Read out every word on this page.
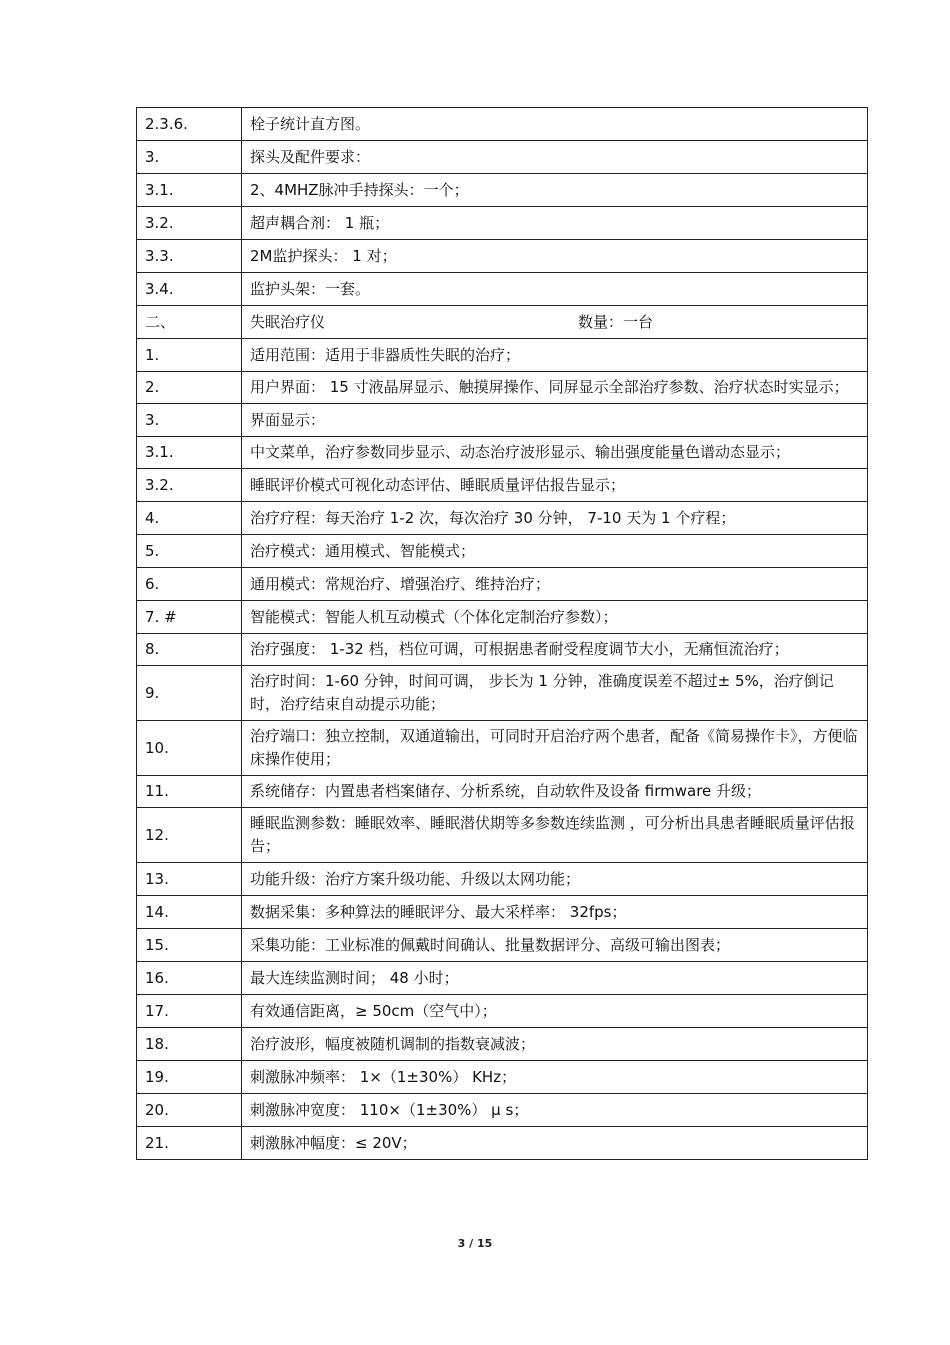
2.3.6.	栓子统计直方图。
3.	探头及配件要求：
3.1.	2、4MHZ脉冲手持探头：一个；
3.2.	超声耦合剂： 1 瓶；
3.3.	2M监护探头： 1 对；
3.4.	监护头架：一套。
二、	失眠治疗仪 数量：一台

1.	适用范围：适用于非器质性失眠的治疗；
2.	用户界面： 15 寸液晶屏显示、触摸屏操作、同屏显示全部治疗参数、治疗状态时实显示；
3.	界面显示：
3.1.	中文菜单，治疗参数同步显示、动态治疗波形显示、输出强度能量色谱动态显示；
3.2.	睡眠评价模式可视化动态评估、睡眠质量评估报告显示；
4.	治疗疗程：每天治疗 1-2 次，每次治疗 30 分钟， 7-10 天为 1 个疗程；
5.	治疗模式：通用模式、智能模式；
6.	通用模式：常规治疗、增强治疗、维持治疗；
7. #	智能模式：智能人机互动模式（个体化定制治疗参数）；
8.	治疗强度： 1-32 档，档位可调，可根据患者耐受程度调节大小，无痛恒流治疗；
9.	治疗时间：1-60 分钟，时间可调， 步长为 1 分钟，准确度误差不超过± 5%，治疗倒记时，治疗结束自动提示功能；
10.	治疗端口：独立控制，双通道输出，可同时开启治疗两个患者，配备《简易操作卡》，方便临床操作使用；
11.	系统储存：内置患者档案储存、分析系统，自动软件及设备 firmware 升级；
12.	睡眠监测参数：睡眠效率、睡眠潜伏期等多参数连续监测 ，可分析出具患者睡眠质量评估报告；
13.	功能升级：治疗方案升级功能、升级以太网功能；
14.	数据采集：多种算法的睡眠评分、最大采样率： 32fps；
15.	采集功能：工业标准的佩戴时间确认、批量数据评分、高级可输出图表；
16.	最大连续监测时间； 48 小时；
17.	有效通信距离，≥ 50cm（空气中）；
18.	治疗波形，幅度被随机调制的指数衰减波；
19.	刺激脉冲频率： 1×（1±30%） KHz；
20.	刺激脉冲宽度： 110×（1±30%） μ s；
21.	刺激脉冲幅度：≤ 20V；
3 / 15
